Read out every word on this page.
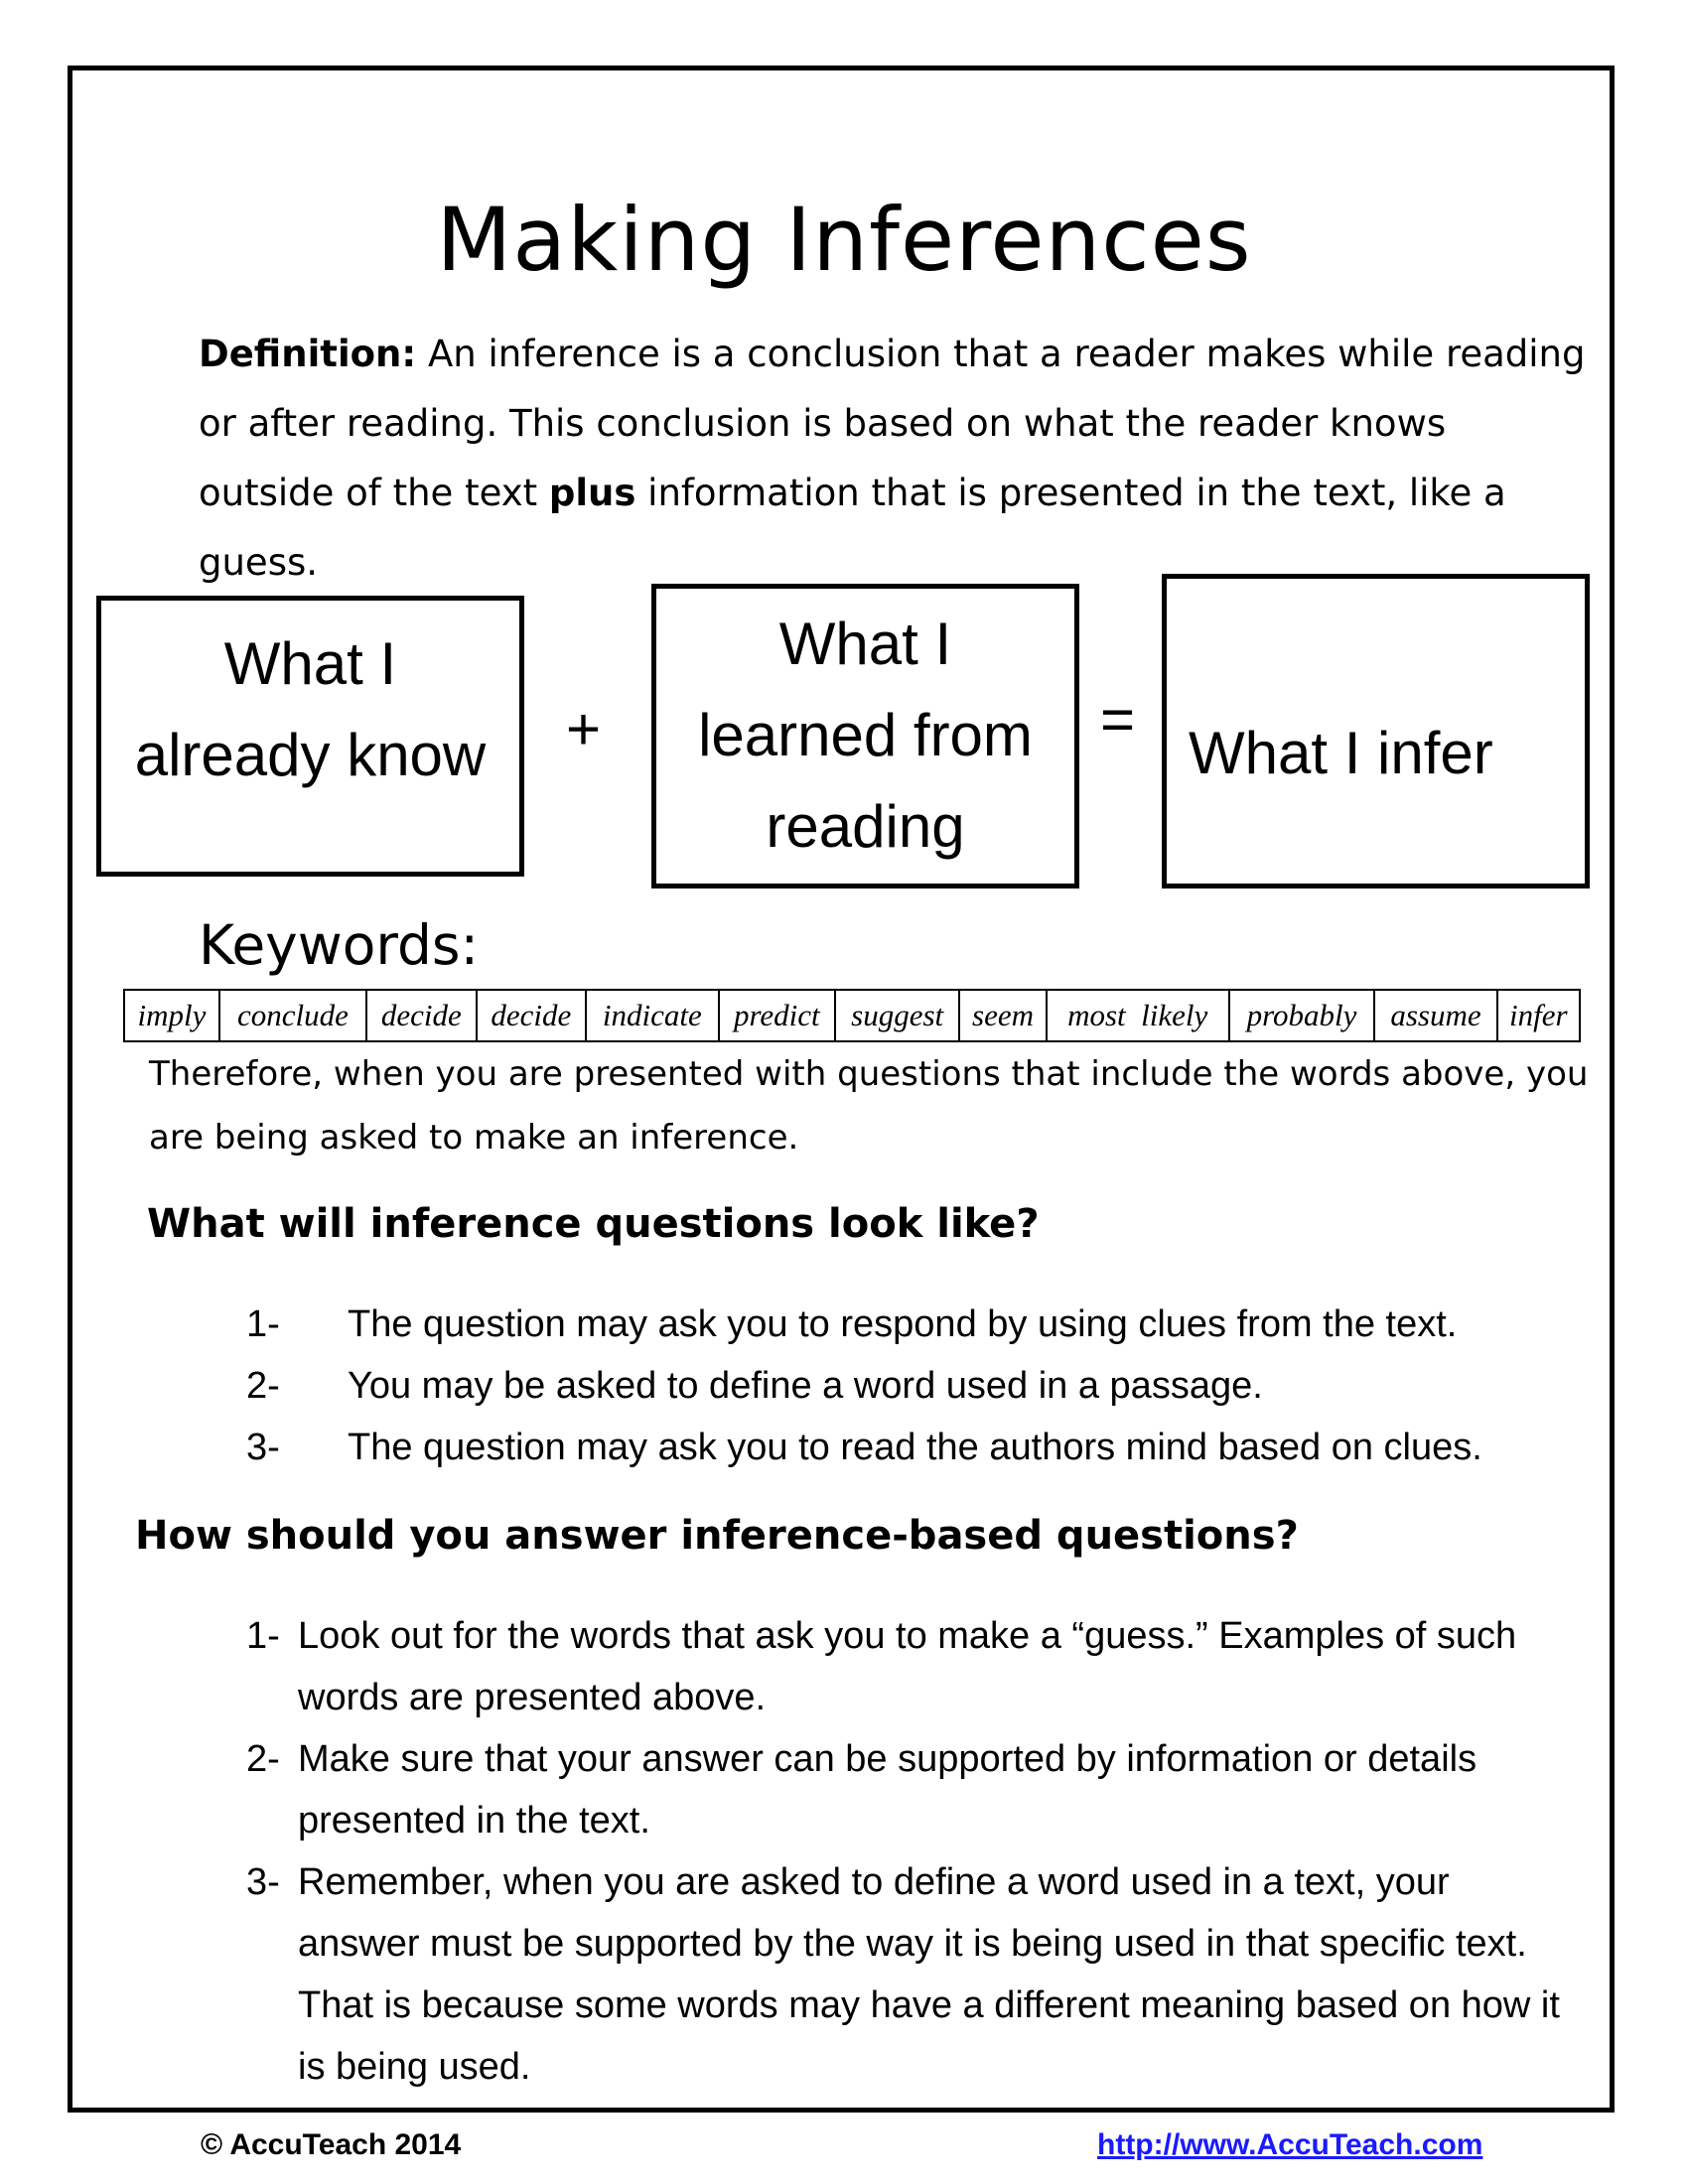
Making Inferences
Definition: An inference is a conclusion that a reader makes while reading or after reading. This conclusion is based on what the reader knows outside of the text plus information that is presented in the text, like a guess.
What I
already know	+
What I
learned from
reading
=
What I infer
Keywords:
imply	conclude	decide	decide	indicate	predict	suggest	seem	most  likely	probably	assume	infer
Therefore, when you are presented with questions that include the words above, you are being asked to make an inference.
What will inference questions look like?
1-	The question may ask you to respond by using clues from the text.
2-	You may be asked to define a word used in a passage.
3-	The question may ask you to read the authors mind based on clues.
How should you answer inference-based questions?
1- Look out for the words that ask you to make a “guess.” Examples of such words are presented above.
2- Make sure that your answer can be supported by information or details presented in the text.
3- Remember, when you are asked to define a word used in a text, your answer must be supported by the way it is being used in that specific text. That is because some words may have a different meaning based on how it is being used.
© AccuTeach 2014	http://www.AccuTeach.com
